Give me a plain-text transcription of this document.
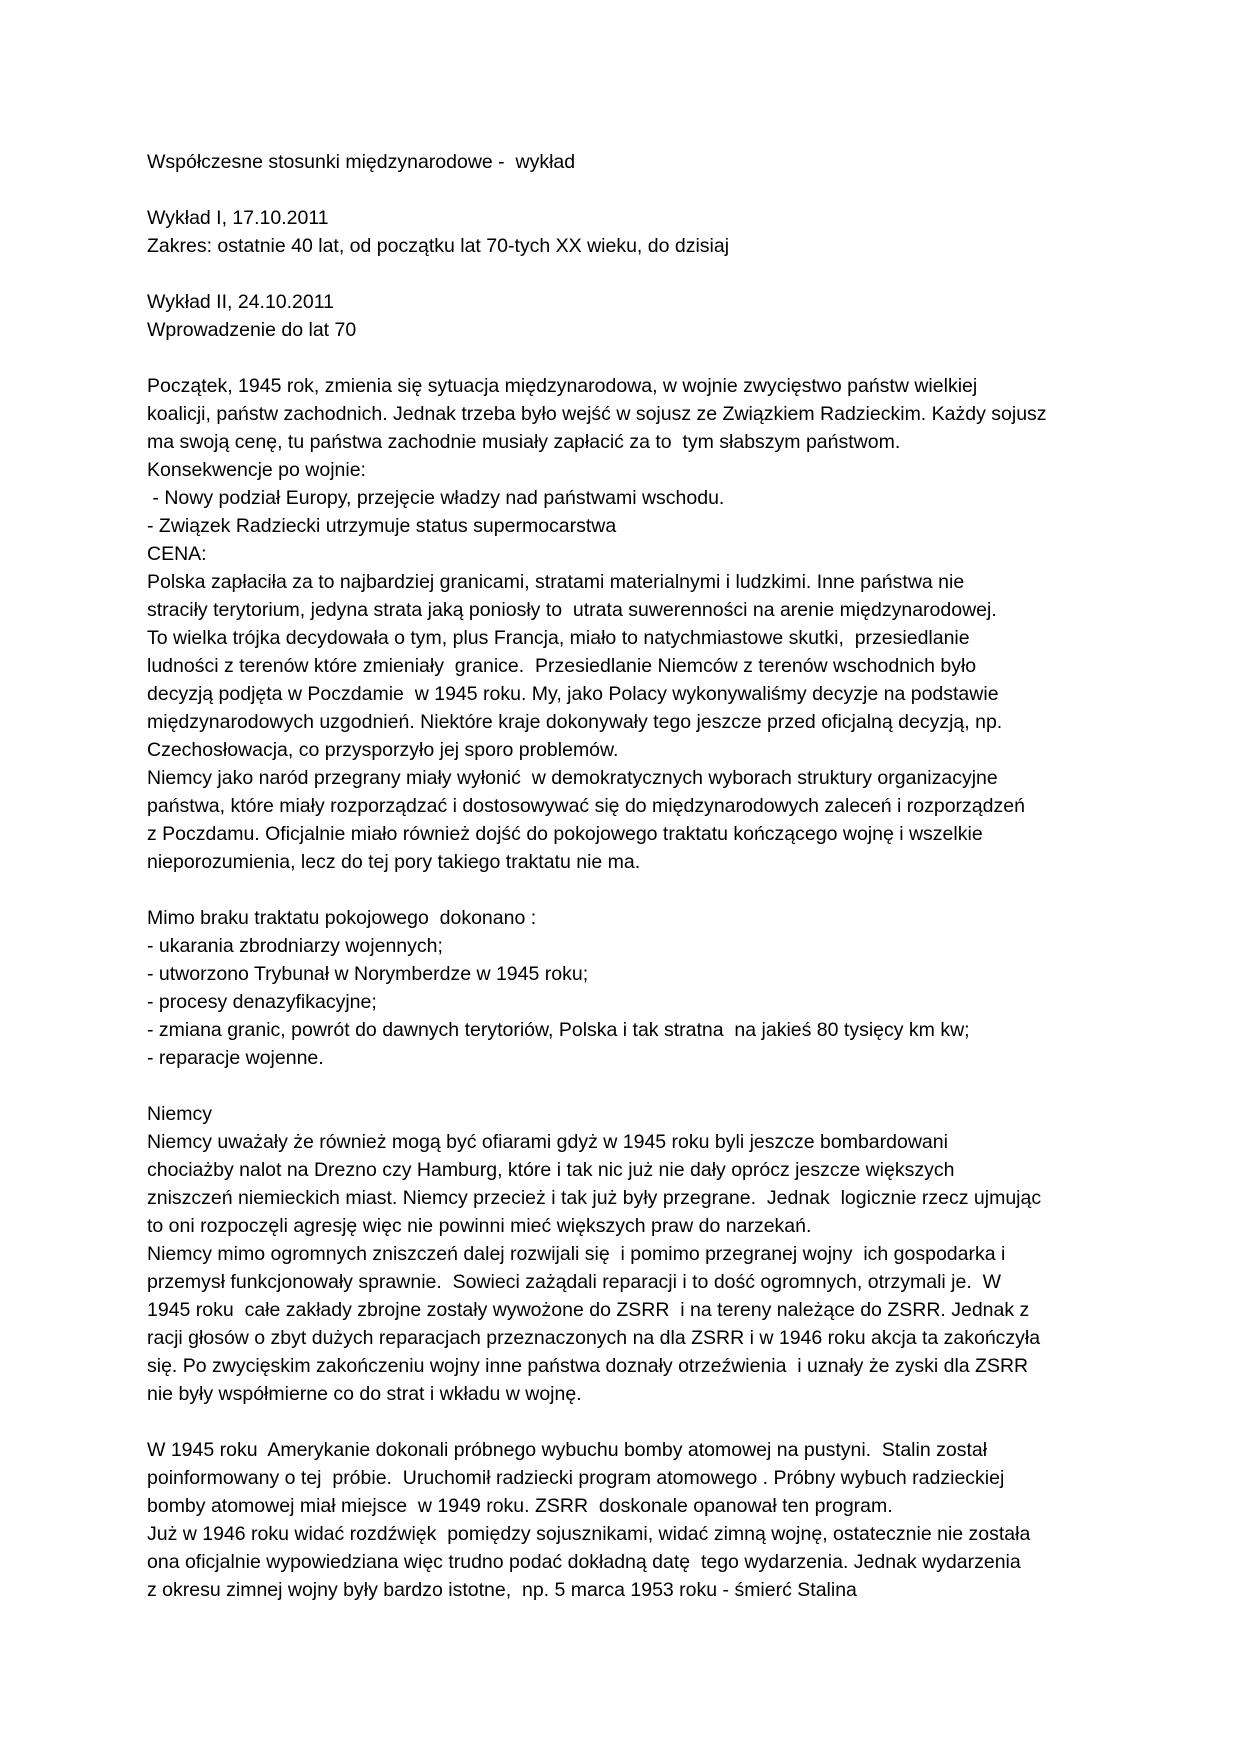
Współczesne stosunki międzynarodowe -  wykład
Wykład I, 17.10.2011
Zakres: ostatnie 40 lat, od początku lat 70-tych XX wieku, do dzisiaj
Wykład II, 24.10.2011
Wprowadzenie do lat 70
Początek, 1945 rok, zmienia się sytuacja międzynarodowa, w wojnie zwycięstwo państw wielkiej
koalicji, państw zachodnich. Jednak trzeba było wejść w sojusz ze Związkiem Radzieckim. Każdy sojusz
ma swoją cenę, tu państwa zachodnie musiały zapłacić za to  tym słabszym państwom.
Konsekwencje po wojnie:
- Nowy podział Europy, przejęcie władzy nad państwami wschodu.
- Związek Radziecki utrzymuje status supermocarstwa
CENA:
Polska zapłaciła za to najbardziej granicami, stratami materialnymi i ludzkimi. Inne państwa nie
straciły terytorium, jedyna strata jaką poniosły to  utrata suwerenności na arenie międzynarodowej.
To wielka trójka decydowała o tym, plus Francja, miało to natychmiastowe skutki,  przesiedlanie
ludności z terenów które zmieniały  granice.  Przesiedlanie Niemców z terenów wschodnich było
decyzją podjęta w Poczdamie  w 1945 roku. My, jako Polacy wykonywaliśmy decyzje na podstawie
międzynarodowych uzgodnień. Niektóre kraje dokonywały tego jeszcze przed oficjalną decyzją, np.
Czechosłowacja, co przysporzyło jej sporo problemów.
Niemcy jako naród przegrany miały wyłonić  w demokratycznych wyborach struktury organizacyjne
państwa, które miały rozporządzać i dostosowywać się do międzynarodowych zaleceń i rozporządzeń
z Poczdamu. Oficjalnie miało również dojść do pokojowego traktatu kończącego wojnę i wszelkie
nieporozumienia, lecz do tej pory takiego traktatu nie ma.
Mimo braku traktatu pokojowego  dokonano :
- ukarania zbrodniarzy wojennych;
- utworzono Trybunał w Norymberdze w 1945 roku;
- procesy denazyfikacyjne;
- zmiana granic, powrót do dawnych terytoriów, Polska i tak stratna  na jakieś 80 tysięcy km kw;
- reparacje wojenne.
Niemcy
Niemcy uważały że również mogą być ofiarami gdyż w 1945 roku byli jeszcze bombardowani
chociażby nalot na Drezno czy Hamburg, które i tak nic już nie dały oprócz jeszcze większych
zniszczeń niemieckich miast. Niemcy przecież i tak już były przegrane.  Jednak  logicznie rzecz ujmując
to oni rozpoczęli agresję więc nie powinni mieć większych praw do narzekań.
Niemcy mimo ogromnych zniszczeń dalej rozwijali się  i pomimo przegranej wojny  ich gospodarka i
przemysł funkcjonowały sprawnie.  Sowieci zażądali reparacji i to dość ogromnych, otrzymali je.  W
1945 roku  całe zakłady zbrojne zostały wywożone do ZSRR  i na tereny należące do ZSRR. Jednak z
racji głosów o zbyt dużych reparacjach przeznaczonych na dla ZSRR i w 1946 roku akcja ta zakończyła
się. Po zwycięskim zakończeniu wojny inne państwa doznały otrzeźwienia  i uznały że zyski dla ZSRR
nie były współmierne co do strat i wkładu w wojnę.
W 1945 roku  Amerykanie dokonali próbnego wybuchu bomby atomowej na pustyni.  Stalin został
poinformowany o tej  próbie.  Uruchomił radziecki program atomowego . Próbny wybuch radzieckiej
bomby atomowej miał miejsce  w 1949 roku. ZSRR  doskonale opanował ten program.
Już w 1946 roku widać rozdźwięk  pomiędzy sojusznikami, widać zimną wojnę, ostatecznie nie została
ona oficjalnie wypowiedziana więc trudno podać dokładną datę  tego wydarzenia. Jednak wydarzenia
z okresu zimnej wojny były bardzo istotne,  np. 5 marca 1953 roku - śmierć Stalina
